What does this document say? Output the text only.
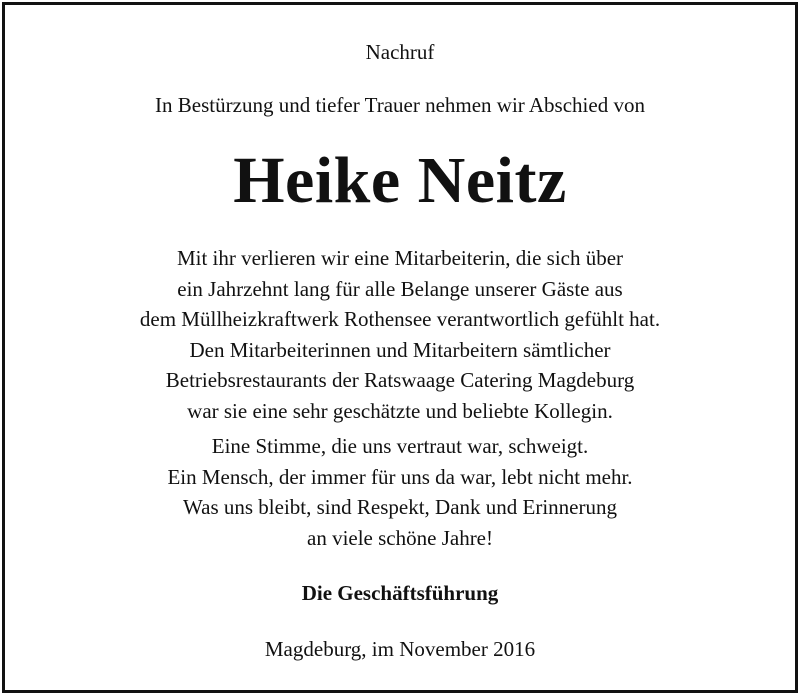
Nachruf
In Bestürzung und tiefer Trauer nehmen wir Abschied von
Heike Neitz
Mit ihr verlieren wir eine Mitarbeiterin, die sich über
ein Jahrzehnt lang für alle Belange unserer Gäste aus
dem Müllheizkraftwerk Rothensee verantwortlich gefühlt hat.
Den Mitarbeiterinnen und Mitarbeitern sämtlicher
Betriebsrestaurants der Ratswaage Catering Magdeburg
war sie eine sehr geschätzte und beliebte Kollegin.
Eine Stimme, die uns vertraut war, schweigt.
Ein Mensch, der immer für uns da war, lebt nicht mehr.
Was uns bleibt, sind Respekt, Dank und Erinnerung
an viele schöne Jahre!
Die Geschäftsführung
Magdeburg, im November 2016
